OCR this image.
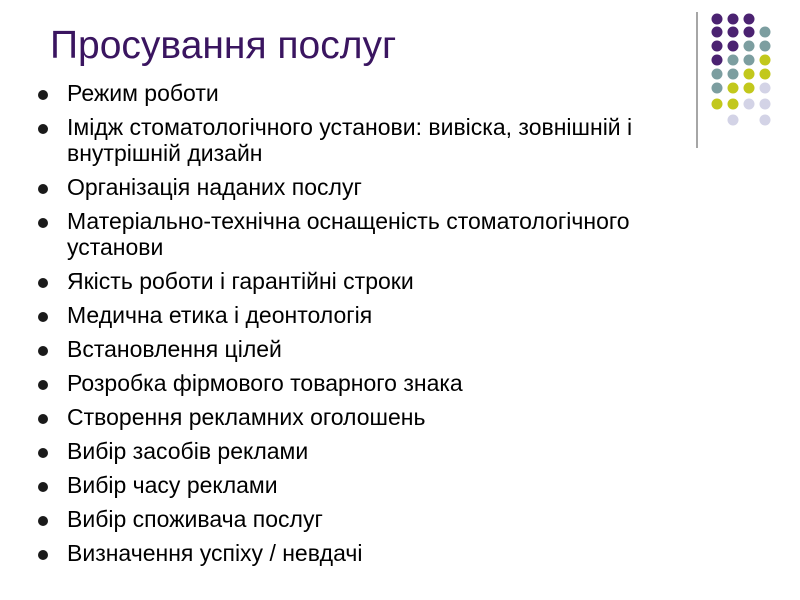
Просування послуг
Режим роботи
Імідж стоматологічного установи: вивіска, зовнішній і внутрішній дизайн
Організація наданих послуг
Матеріально-технічна оснащеність стоматологічного установи
Якість роботи і гарантійні строки
Медична етика і деонтологія
Встановлення цілей
Розробка фірмового товарного знака
Створення рекламних оголошень
Вибір засобів реклами
Вибір часу реклами
Вибір споживача послуг
Визначення успіху / невдачі
